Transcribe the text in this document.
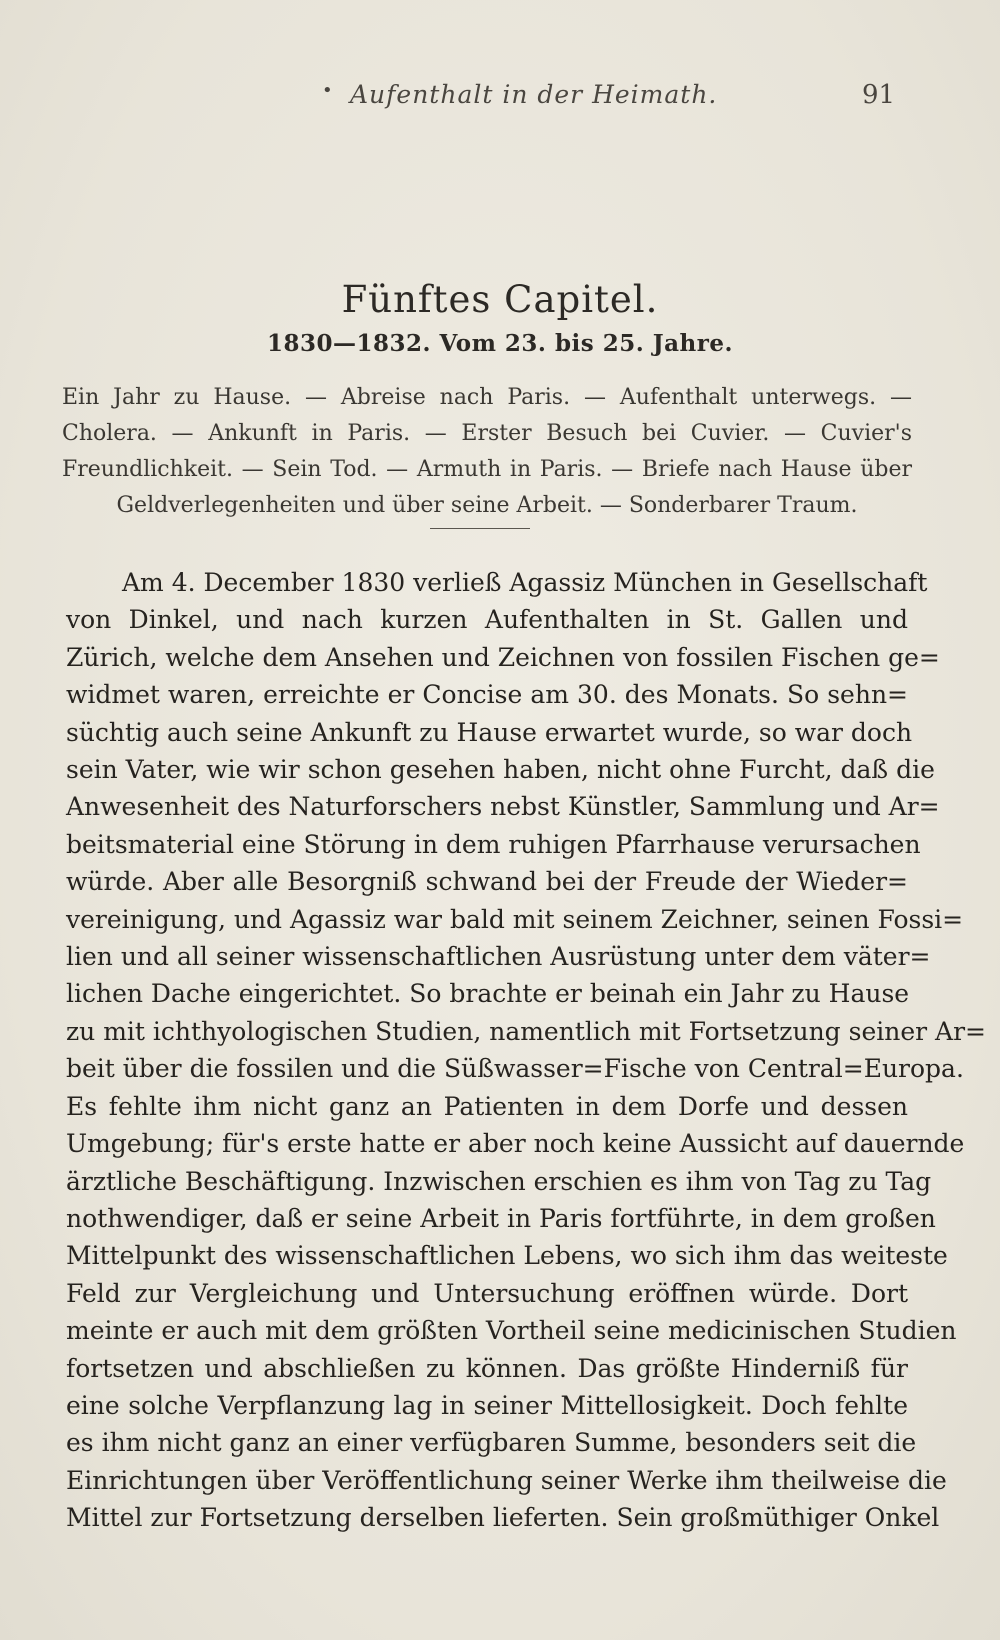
• Aufenthalt in der Heimath.	91
Fünftes Capitel.
1830—1832. Vom 23. bis 25. Jahre.
Ein Jahr zu Hause. — Abreise nach Paris. — Aufenthalt unterwegs. —
Cholera. — Ankunft in Paris. — Erster Besuch bei Cuvier. — Cuvier's
Freundlichkeit. — Sein Tod. — Armuth in Paris. — Briefe nach Hause über
Geldverlegenheiten und über seine Arbeit. — Sonderbarer Traum.
Am 4. December 1830 verließ Agassiz München in Gesellschaft
von Dinkel, und nach kurzen Aufenthalten in St. Gallen und
Zürich, welche dem Ansehen und Zeichnen von fossilen Fischen ge=
widmet waren, erreichte er Concise am 30. des Monats. So sehn=
süchtig auch seine Ankunft zu Hause erwartet wurde, so war doch
sein Vater, wie wir schon gesehen haben, nicht ohne Furcht, daß die
Anwesenheit des Naturforschers nebst Künstler, Sammlung und Ar=
beitsmaterial eine Störung in dem ruhigen Pfarrhause verursachen
würde. Aber alle Besorgniß schwand bei der Freude der Wieder=
vereinigung, und Agassiz war bald mit seinem Zeichner, seinen Fossi=
lien und all seiner wissenschaftlichen Ausrüstung unter dem väter=
lichen Dache eingerichtet. So brachte er beinah ein Jahr zu Hause
zu mit ichthyologischen Studien, namentlich mit Fortsetzung seiner Ar=
beit über die fossilen und die Süßwasser=Fische von Central=Europa.
Es fehlte ihm nicht ganz an Patienten in dem Dorfe und dessen
Umgebung; für's erste hatte er aber noch keine Aussicht auf dauernde
ärztliche Beschäftigung. Inzwischen erschien es ihm von Tag zu Tag
nothwendiger, daß er seine Arbeit in Paris fortführte, in dem großen
Mittelpunkt des wissenschaftlichen Lebens, wo sich ihm das weiteste
Feld zur Vergleichung und Untersuchung eröffnen würde. Dort
meinte er auch mit dem größten Vortheil seine medicinischen Studien
fortsetzen und abschließen zu können. Das größte Hinderniß für
eine solche Verpflanzung lag in seiner Mittellosigkeit. Doch fehlte
es ihm nicht ganz an einer verfügbaren Summe, besonders seit die
Einrichtungen über Veröffentlichung seiner Werke ihm theilweise die
Mittel zur Fortsetzung derselben lieferten. Sein großmüthiger Onkel
